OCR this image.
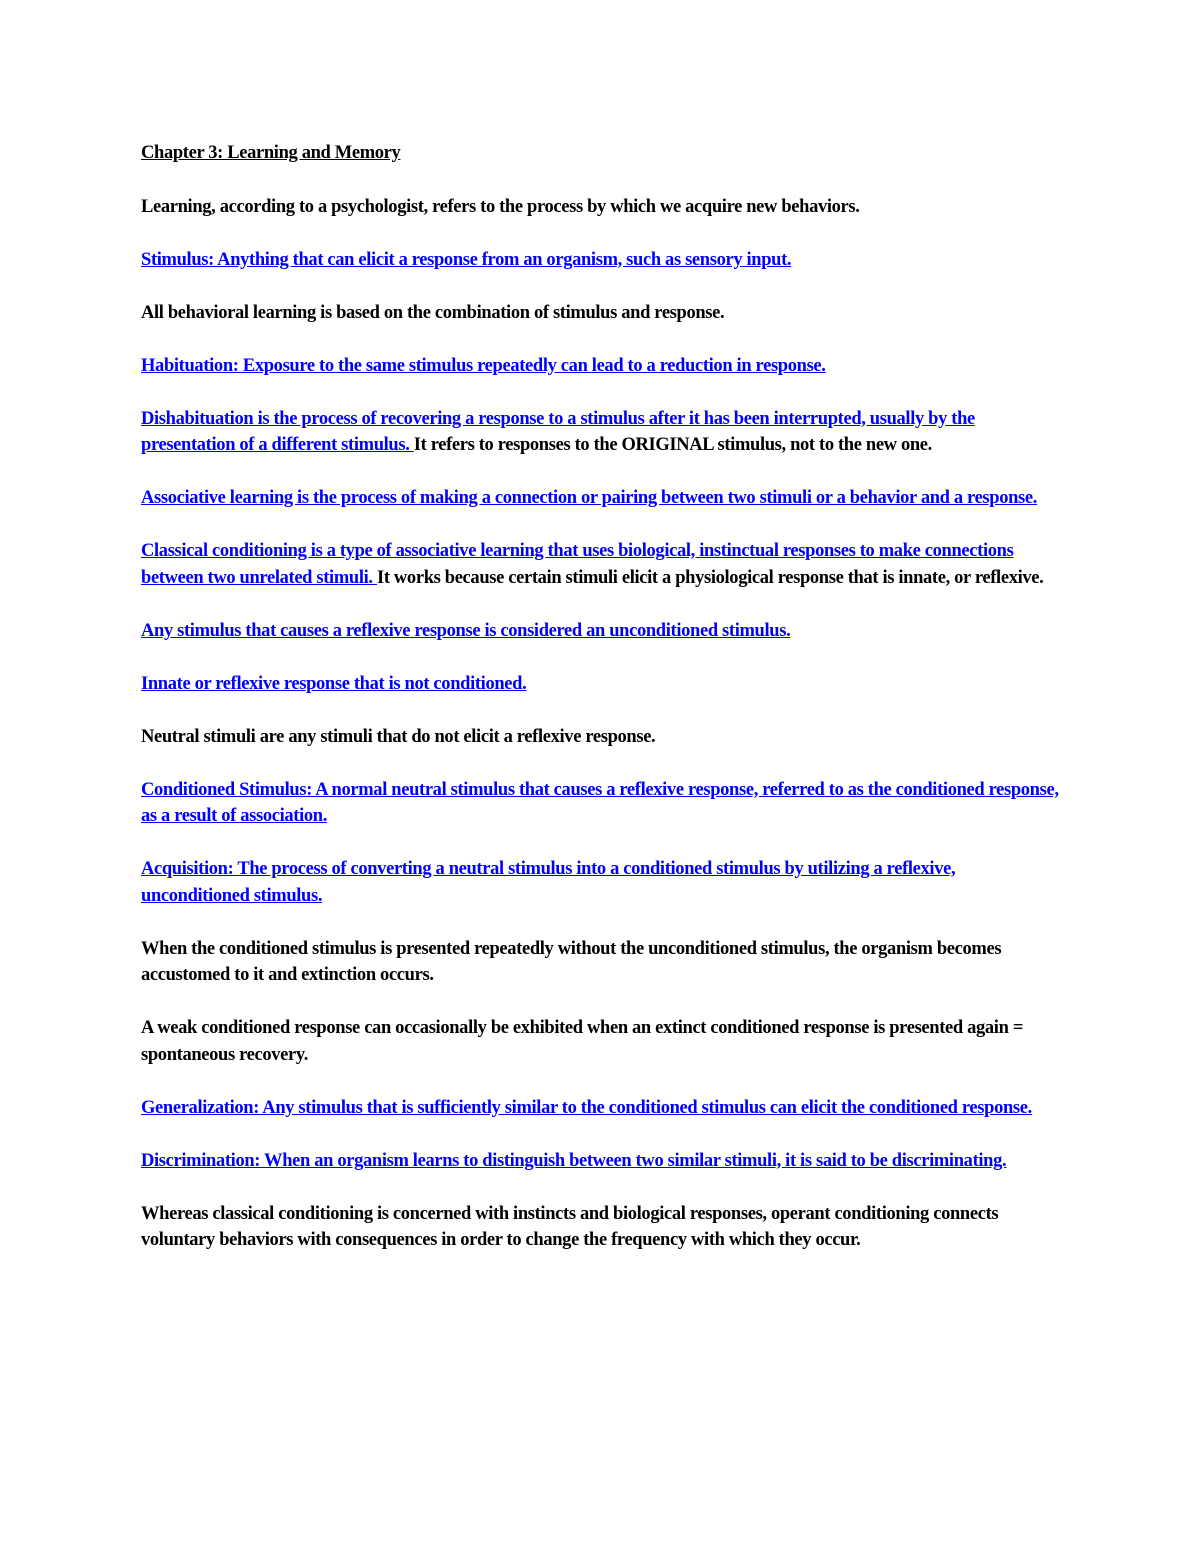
Chapter 3: Learning and Memory

Learning, according to a psychologist, refers to the process by which we acquire new behaviors.

Stimulus: Anything that can elicit a response from an organism, such as sensory input.

All behavioral learning is based on the combination of stimulus and response.

Habituation: Exposure to the same stimulus repeatedly can lead to a reduction in response.

Dishabituation is the process of recovering a response to a stimulus after it has been interrupted, usually by the presentation of a different stimulus. It refers to responses to the ORIGINAL stimulus, not to the new one.

Associative learning is the process of making a connection or pairing between two stimuli or a behavior and a response.

Classical conditioning is a type of associative learning that uses biological, instinctual responses to make connections between two unrelated stimuli. It works because certain stimuli elicit a physiological response that is innate, or reflexive.

Any stimulus that causes a reflexive response is considered an unconditioned stimulus.

Innate or reflexive response that is not conditioned.

Neutral stimuli are any stimuli that do not elicit a reflexive response.

Conditioned Stimulus: A normal neutral stimulus that causes a reflexive response, referred to as the conditioned response, as a result of association.

Acquisition: The process of converting a neutral stimulus into a conditioned stimulus by utilizing a reflexive, unconditioned stimulus.

When the conditioned stimulus is presented repeatedly without the unconditioned stimulus, the organism becomes accustomed to it and extinction occurs.

A weak conditioned response can occasionally be exhibited when an extinct conditioned response is presented again = spontaneous recovery.

Generalization: Any stimulus that is sufficiently similar to the conditioned stimulus can elicit the conditioned response.

Discrimination: When an organism learns to distinguish between two similar stimuli, it is said to be discriminating.

Whereas classical conditioning is concerned with instincts and biological responses, operant conditioning connects voluntary behaviors with consequences in order to change the frequency with which they occur.
